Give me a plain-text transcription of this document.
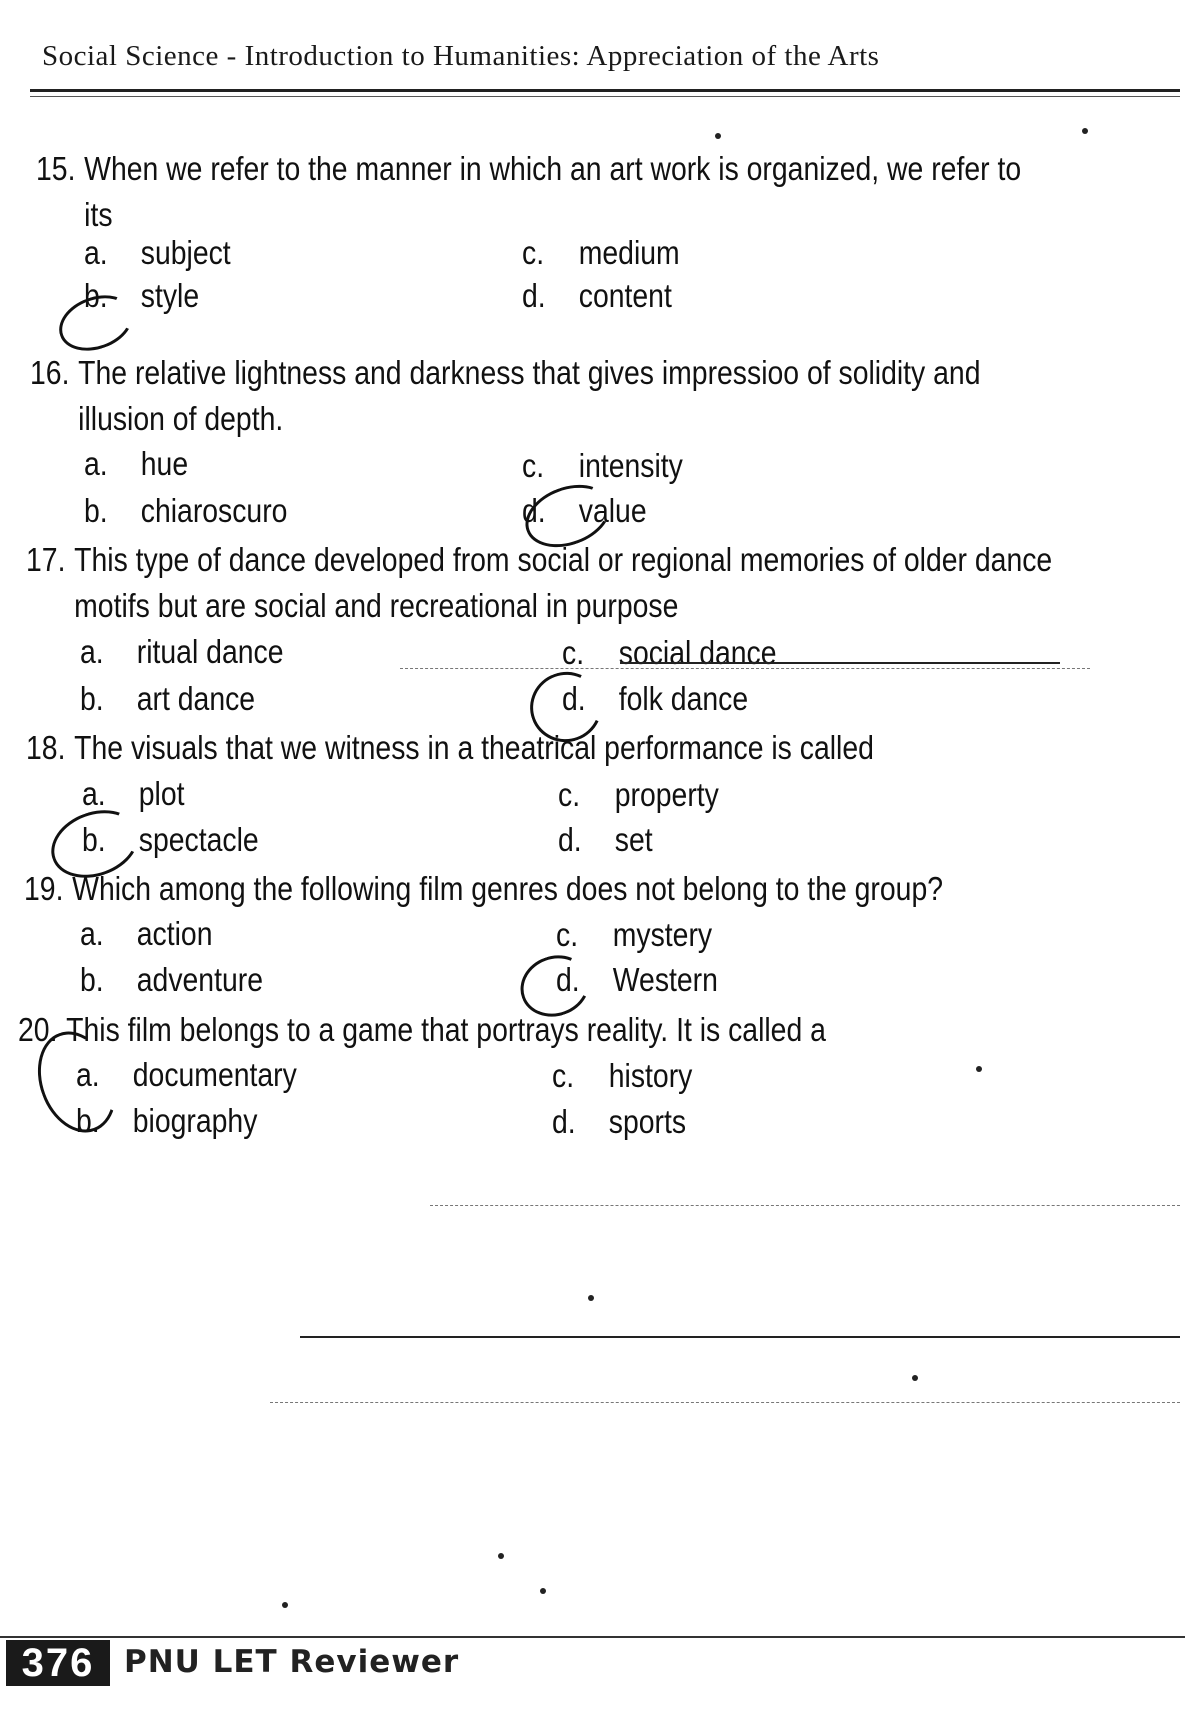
Social Science - Introduction to Humanities: Appreciation of the Arts
15. When we refer to the manner in which an art work is organized, we refer to
its
a. subject
b. style
c. medium
d. content
16. The relative lightness and darkness that gives impressioo of solidity and
illusion of depth.
a. hue
b. chiaroscuro
c. intensity
d. value
17. This type of dance developed from social or regional memories of older dance
motifs but are social and recreational in purpose
a. ritual dance
b. art dance
c. social dance
d. folk dance
18. The visuals that we witness in a theatrical performance is called
a. plot
b. spectacle
c. property
d. set
19. Which among the following film genres does not belong to the group?
a. action
b. adventure
c. mystery
d. Western
20. This film belongs to a game that portrays reality. It is called a
a. documentary
b. biography
c. history
d. sports
376 PNU LET Reviewer
